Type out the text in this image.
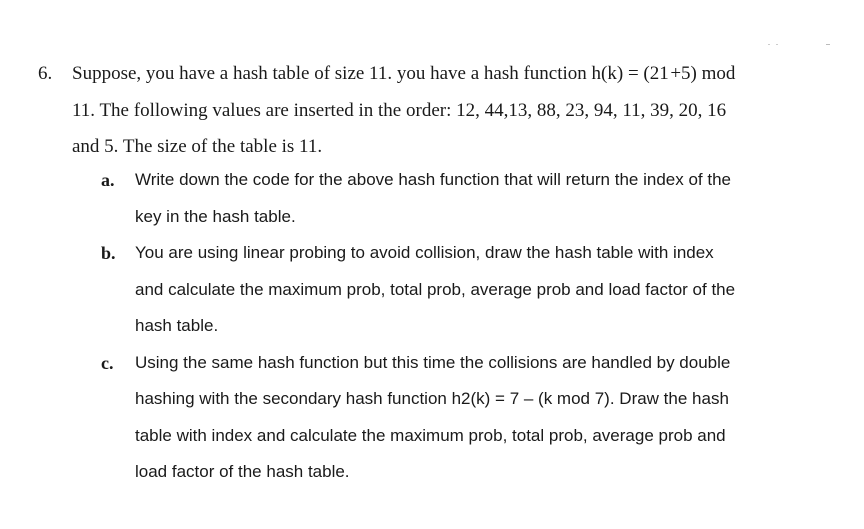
6. Suppose, you have a hash table of size 11. you have a hash function h(k) = (21 +5) mod
11. The following values are inserted in the order: 12, 44,13, 88, 23, 94, 11, 39, 20, 16
and 5. The size of the table is 11.
a. Write down the code for the above hash function that will return the index of the
key in the hash table.
b. You are using linear probing to avoid collision, draw the hash table with index
and calculate the maximum prob, total prob, average prob and load factor of the
hash table.
c. Using the same hash function but this time the collisions are handled by double
hashing with the secondary hash function h2(k) = 7 – (k mod 7). Draw the hash
table with index and calculate the maximum prob, total prob, average prob and
load factor of the hash table.
